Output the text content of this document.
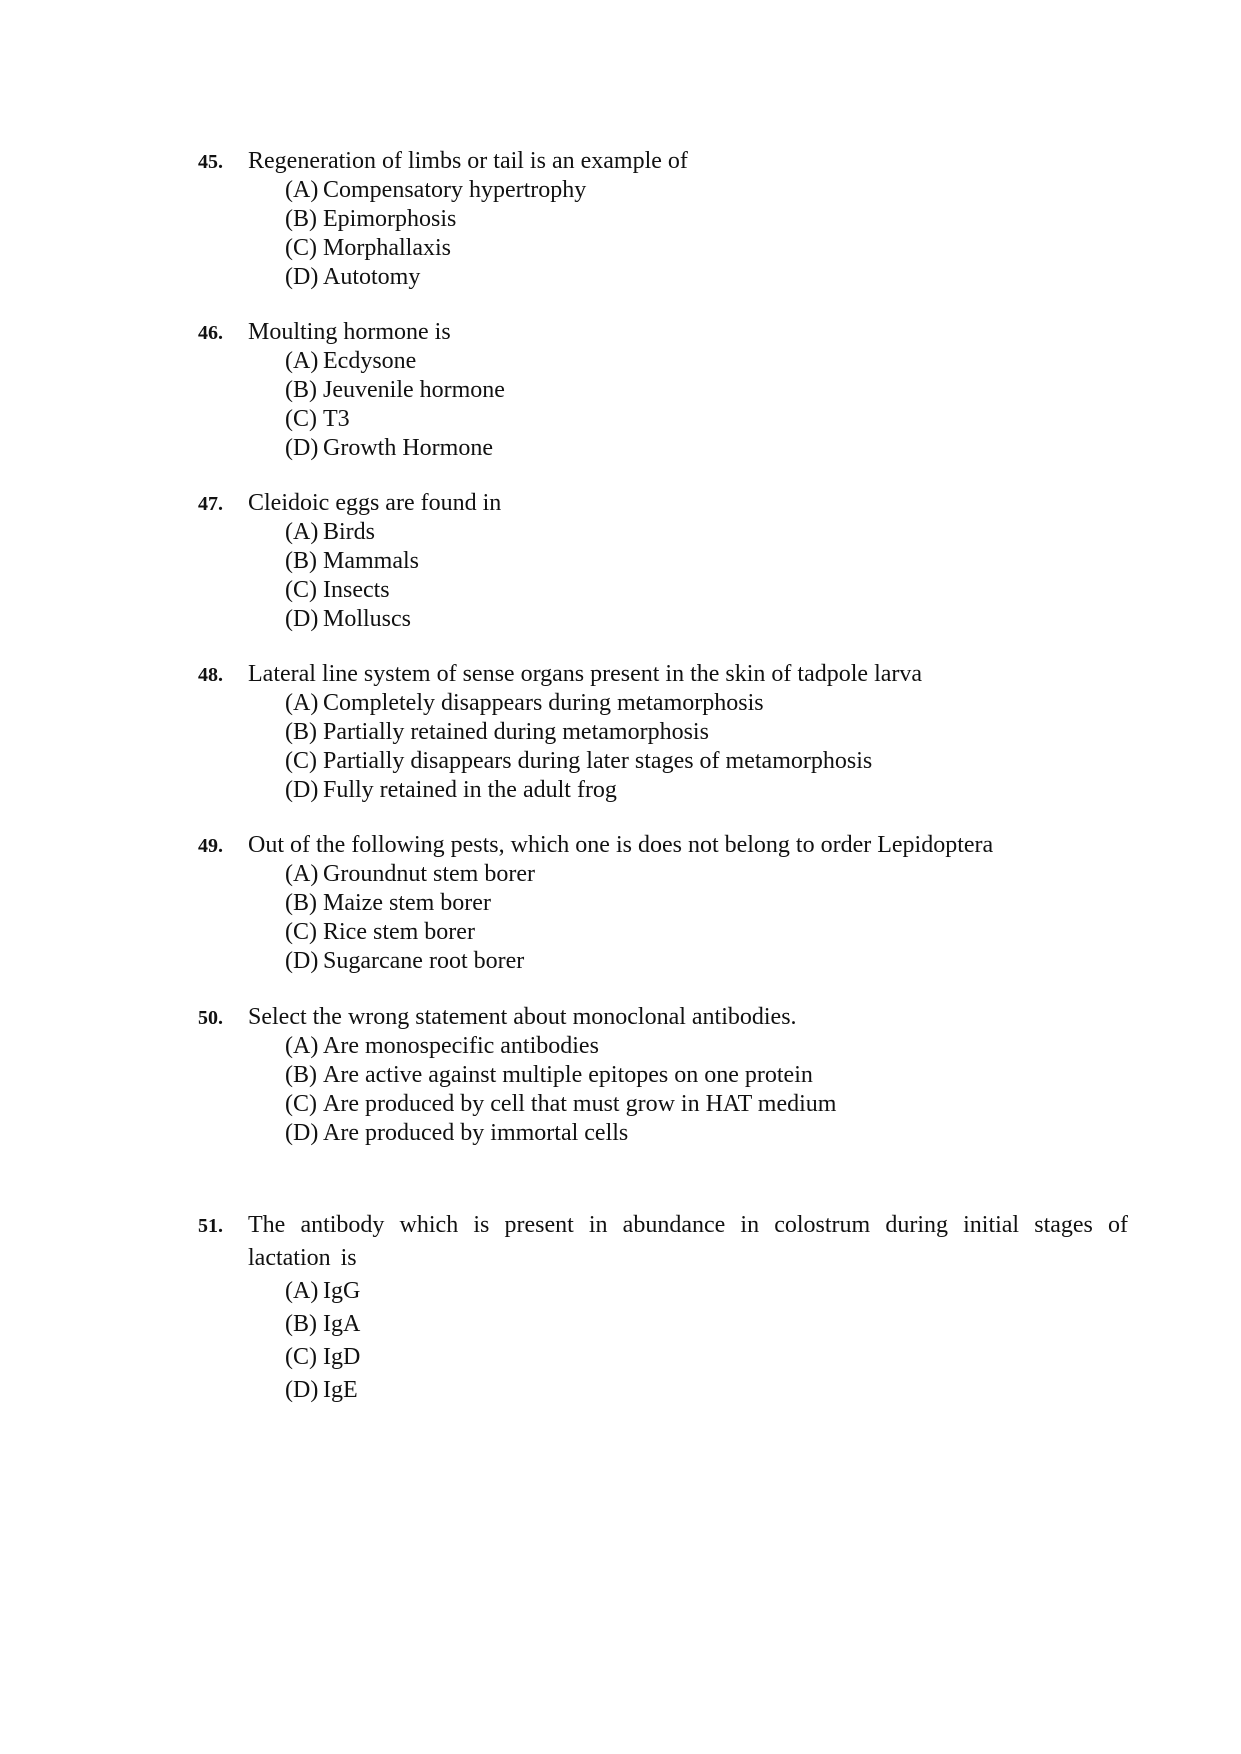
45.	Regeneration of limbs or tail is an example of
(A) Compensatory hypertrophy
(B) Epimorphosis
(C) Morphallaxis
(D) Autotomy
46.	Moulting hormone is
(A) Ecdysone
(B) Jeuvenile hormone
(C) T3
(D) Growth Hormone
47.	Cleidoic eggs are found in
(A) Birds
(B) Mammals
(C) Insects
(D) Molluscs
48.	Lateral line system of sense organs present in the skin of tadpole larva
(A) Completely disappears during metamorphosis
(B) Partially retained during metamorphosis
(C) Partially disappears during later stages of metamorphosis
(D) Fully retained in the adult frog
49.	Out of the following pests, which one is does not belong to order Lepidoptera
(A) Groundnut stem borer
(B) Maize stem borer
(C) Rice stem borer
(D) Sugarcane root borer
50.	Select the wrong statement about monoclonal antibodies.
(A) Are monospecific antibodies
(B) Are active against multiple epitopes on one protein
(C) Are produced by cell that must grow in HAT medium
(D) Are produced by immortal cells
51.	The antibody which is present in abundance in colostrum during initial stages of lactation is
(A) IgG
(B) IgA
(C) IgD
(D) IgE
